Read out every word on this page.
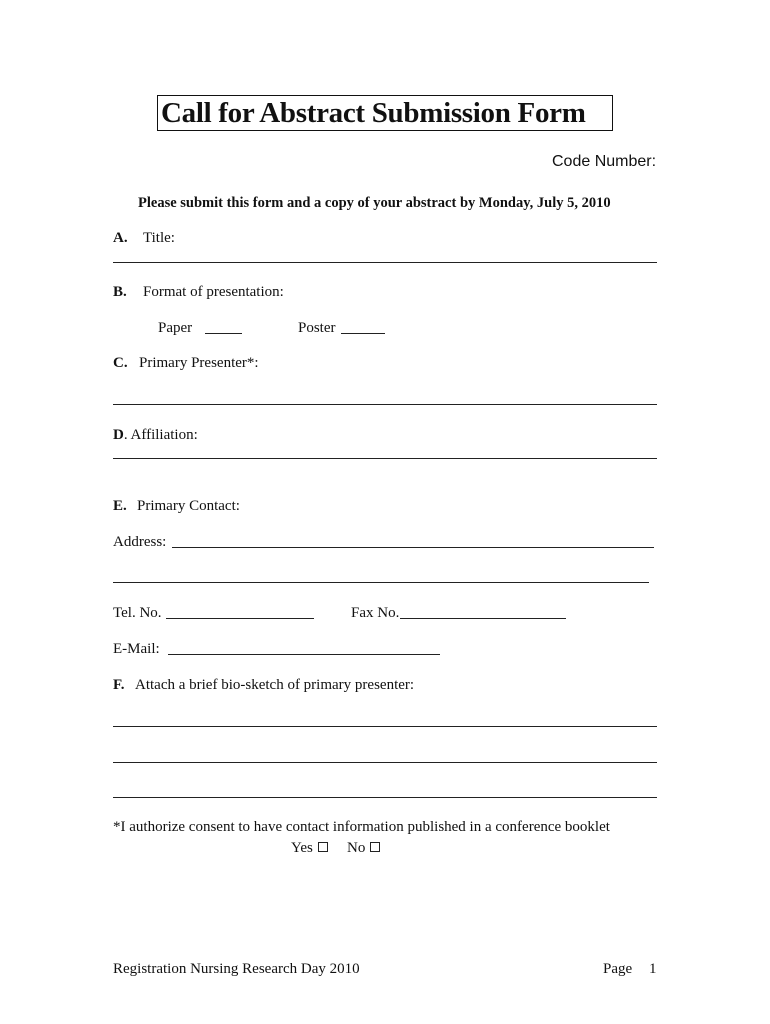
Call for Abstract Submission Form
Code Number:
Please submit this form and a copy of your abstract by Monday, July 5, 2010
A. Title:
B. Format of presentation:
Paper	Poster
C. Primary Presenter*:
D. Affiliation:
E. Primary Contact:
Address:
Tel. No.	Fax No.
E-Mail:
F. Attach a brief bio-sketch of primary presenter:
*I authorize consent to have contact information published in a conference booklet
Yes	No
Registration Nursing Research Day 2010	Page 1
